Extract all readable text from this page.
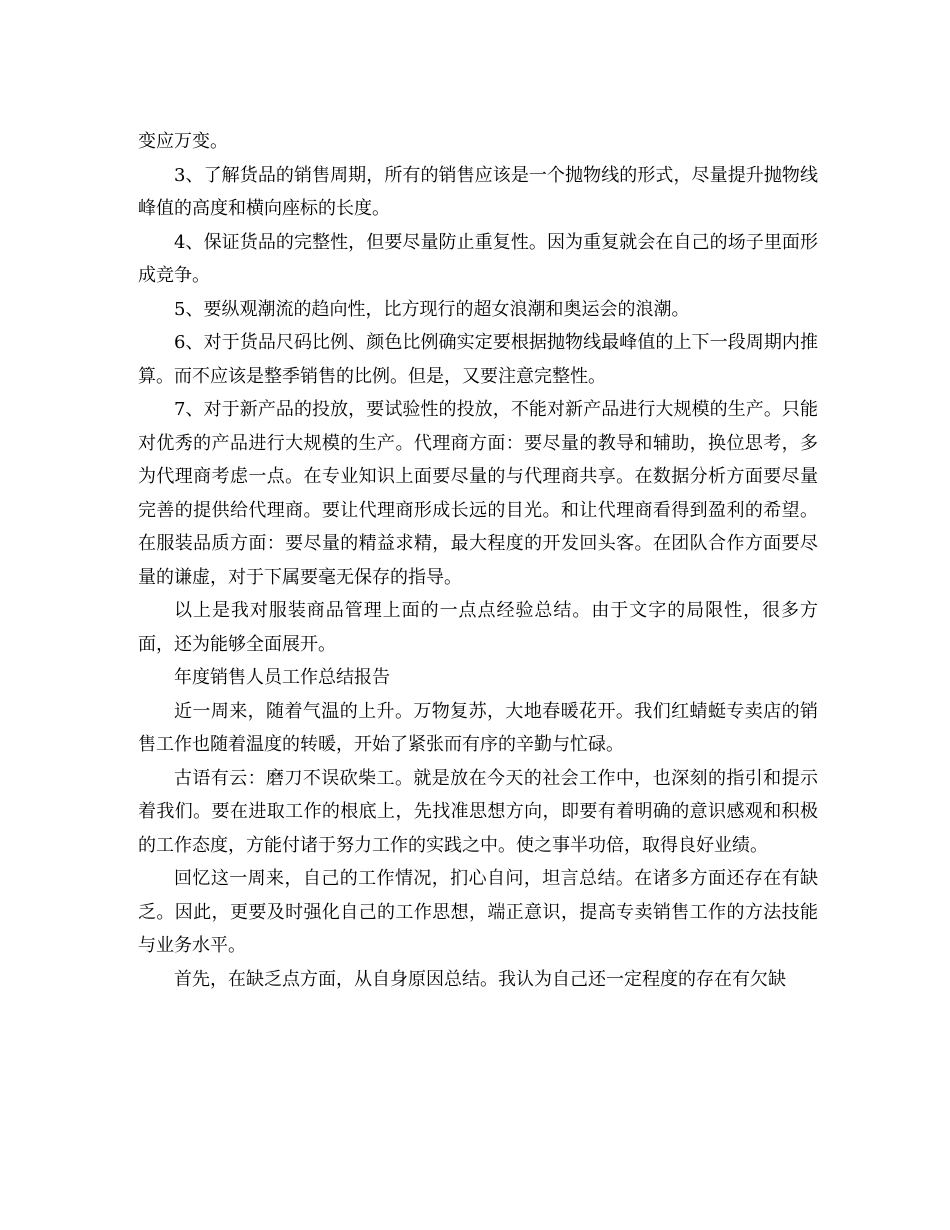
变应万变。

3、了解货品的销售周期，所有的销售应该是一个抛物线的形式，尽量提升抛物线峰值的高度和横向座标的长度。

4、保证货品的完整性，但要尽量防止重复性。因为重复就会在自己的场子里面形成竞争。

5、要纵观潮流的趋向性，比方现行的超女浪潮和奥运会的浪潮。

6、对于货品尺码比例、颜色比例确实定要根据抛物线最峰值的上下一段周期内推算。而不应该是整季销售的比例。但是，又要注意完整性。

7、对于新产品的投放，要试验性的投放，不能对新产品进行大规模的生产。只能对优秀的产品进行大规模的生产。代理商方面：要尽量的教导和辅助，换位思考，多为代理商考虑一点。在专业知识上面要尽量的与代理商共享。在数据分析方面要尽量完善的提供给代理商。要让代理商形成长远的目光。和让代理商看得到盈利的希望。在服装品质方面：要尽量的精益求精，最大程度的开发回头客。在团队合作方面要尽量的谦虚，对于下属要毫无保存的指导。

以上是我对服装商品管理上面的一点点经验总结。由于文字的局限性，很多方面，还为能够全面展开。

年度销售人员工作总结报告

近一周来，随着气温的上升。万物复苏，大地春暖花开。我们红蜻蜓专卖店的销售工作也随着温度的转暖，开始了紧张而有序的辛勤与忙碌。

古语有云：磨刀不误砍柴工。就是放在今天的社会工作中，也深刻的指引和提示着我们。要在进取工作的根底上，先找准思想方向，即要有着明确的意识感观和积极的工作态度，方能付诸于努力工作的实践之中。使之事半功倍，取得良好业绩。

回忆这一周来，自己的工作情况，扪心自问，坦言总结。在诸多方面还存在有缺乏。因此，更要及时强化自己的工作思想，端正意识，提高专卖销售工作的方法技能与业务水平。

首先，在缺乏点方面，从自身原因总结。我认为自己还一定程度的存在有欠缺
